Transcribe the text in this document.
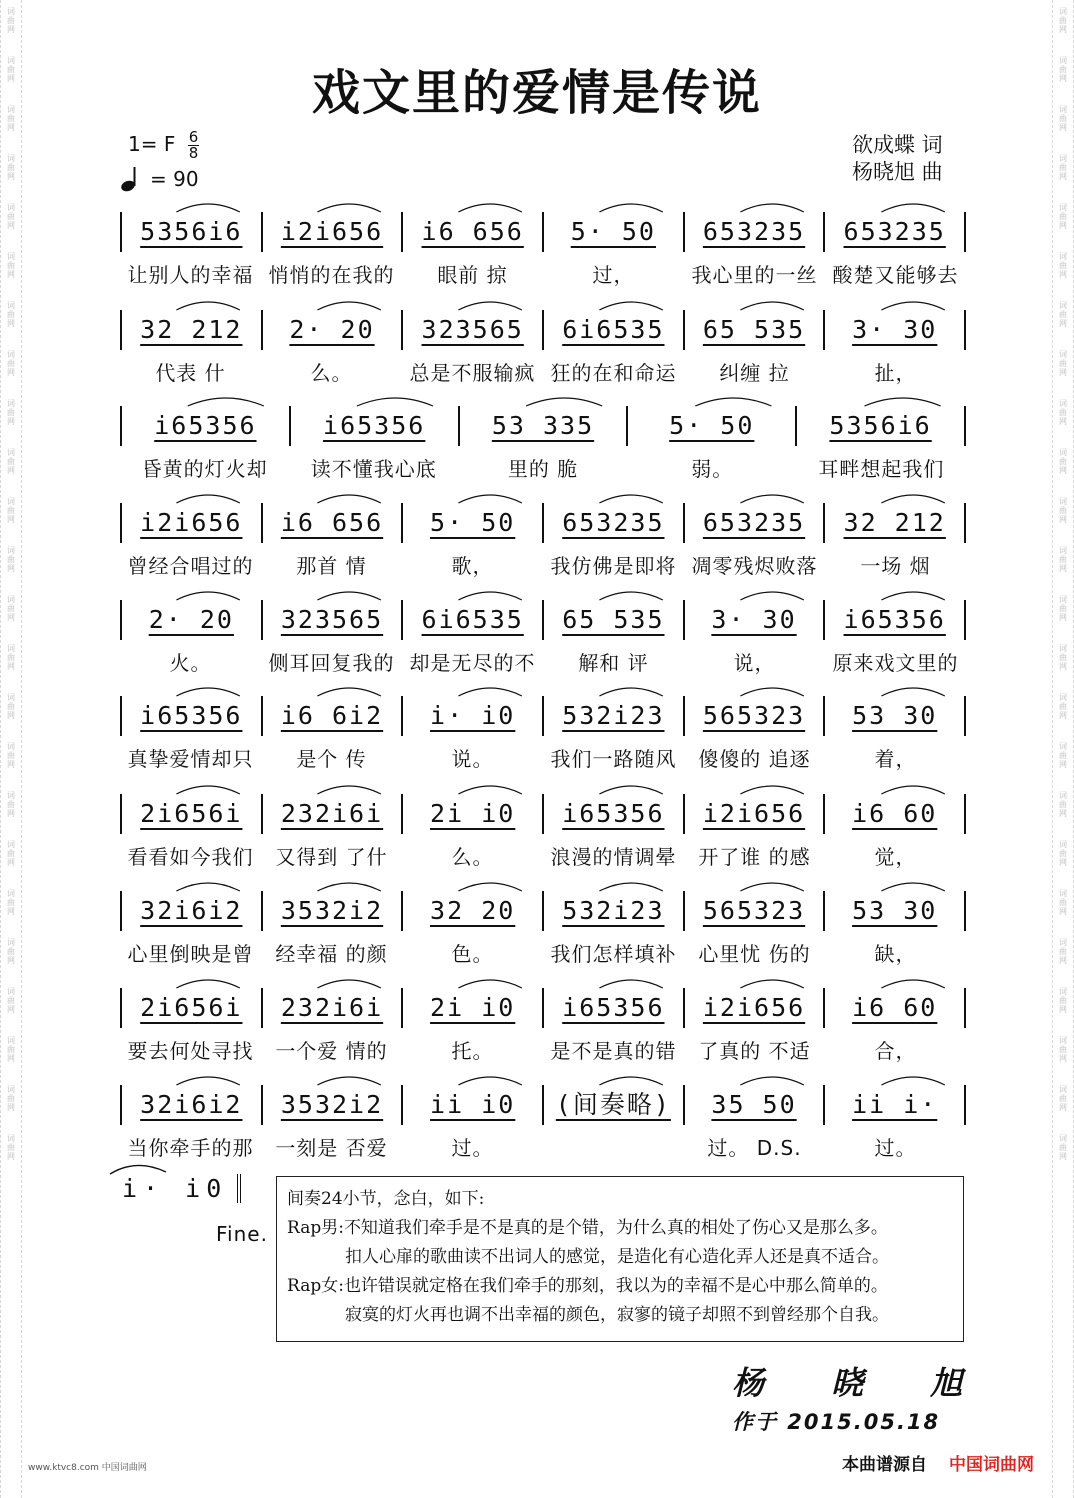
词
曲
网
词
曲
网
词
曲
网
词
曲
网
词
曲
网
词
曲
网
词
曲
网
词
曲
网
词
曲
网
词
曲
网
词
曲
网
词
曲
网
词
曲
网
词
曲
网
词
曲
网
词
曲
网
词
曲
网
词
曲
网
词
曲
网
词
曲
网
词
曲
网
词
曲
网
词
曲
网
词
曲
网
词
曲
网
词
曲
网
词
曲
网
词
曲
网
词
曲
网
词
曲
网
词
曲
网
词
曲
网
词
曲
网
词
曲
网
词
曲
网
词
曲
网
词
曲
网
词
曲
网
词
曲
网
词
曲
网
词
曲
网
词
曲
网
词
曲
网
词
曲
网
词
曲
网
词
曲
网
词
曲
网
词
曲
网
戏文里的爱情是传说
1= F $\frac{6}{8}$
= 90
欲成蝶 词
杨晓旭 曲
5356i6	i2i656	i6 656	5· 50	653235	653235
让别人的幸福 悄悄的在我的	眼前 掠	过，	我心里的一丝 酸楚又能够去
32 212	2· 20	323565	6i6535	65 535	3· 30
代表 什	么。	总是不服输疯 狂的在和命运	纠缠 拉	扯，
i65356	i65356	53 335	5· 50	5356i6
昏黄的灯火却	读不懂我心底	里的 脆	弱。	耳畔想起我们
i2i656	i6 656	5· 50	653235	653235	32 212
曾经合唱过的	那首 情	歌，	我仿佛是即将 凋零残烬败落	一场 烟
2· 20	323565	6i6535	65 535	3· 30	i65356
火。	侧耳回复我的 却是无尽的不	解和 评	说，	原来戏文里的
i65356	i6 6i2	i· i0	532i23	565323	53 30
真挚爱情却只	是个 传	说。	我们一路随风	傻傻的 追逐	着，
2i656i	232i6i	2i i0	i65356	i2i656	i6 60
看看如今我们	又得到 了什	么。	浪漫的情调晕	开了谁 的感	觉，
32i6i2	3532i2	32 20	532i23	565323	53 30
心里倒映是曾	经幸福 的颜	色。	我们怎样填补	心里忧 伤的	缺，
2i656i	232i6i	2i i0	i65356	i2i656	i6 60
要去何处寻找	一个爱 情的	托。	是不是真的错	了真的 不适	合，
32i6i2	3532i2	ii i0	(间奏略)	35 50	ii i·
当你牵手的那	一刻是 否爱	过。	过。 D.S.	过。
i· i0
Fine.
间奏24小节，念白，如下:
Rap男:不知道我们牵手是不是真的是个错，为什么真的相处了伤心又是那么多。
扣人心扉的歌曲读不出词人的感觉，是造化有心造化弄人还是真不适合。
Rap女:也许错误就定格在我们牵手的那刻，我以为的幸福不是心中那么简单的。
寂寞的灯火再也调不出幸福的颜色，寂寥的镜子却照不到曾经那个自我。
杨 晓 旭
作于 2015.05.18
www.ktvc8.com 中国词曲网	本曲谱源自 中国词曲网
